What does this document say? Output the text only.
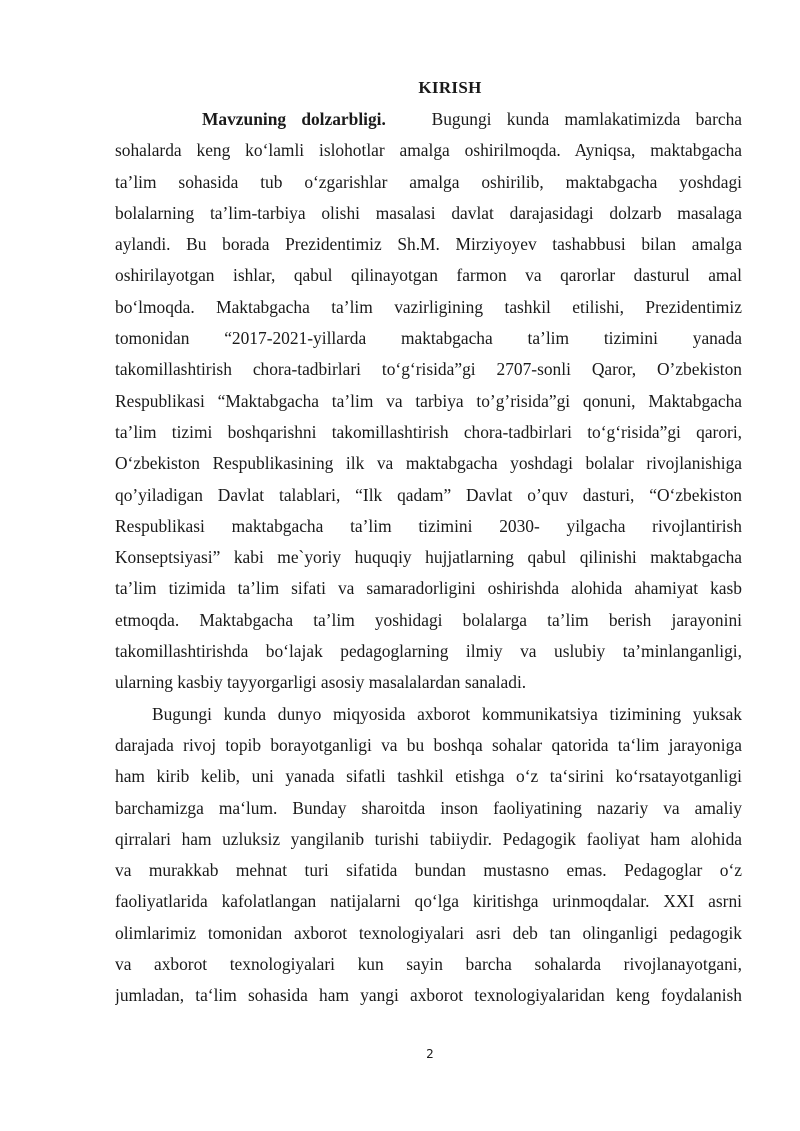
KIRISH
Mavzuning dolzarbligi.	Bugungi kunda mamlakatimizda barcha
sohalarda keng ko‘lamli islohotlar amalga oshirilmoqda. Ayniqsa, maktabgacha
ta’lim sohasida tub o‘zgarishlar amalga oshirilib, maktabgacha yoshdagi
bolalarning ta’lim-tarbiya olishi masalasi davlat darajasidagi dolzarb masalaga
aylandi. Bu borada Prezidentimiz Sh.M. Mirziyoyev tashabbusi bilan amalga
oshirilayotgan ishlar, qabul qilinayotgan farmon va qarorlar dasturul amal
bo‘lmoqda. Maktabgacha ta’lim vazirligining tashkil etilishi, Prezidentimiz
tomonidan “2017-2021-yillarda maktabgacha ta’lim tizimini yanada
takomillashtirish chora-tadbirlari to‘g‘risida”gi 2707-sonli Qaror, O’zbekiston
Respublikasi “Maktabgacha ta’lim va tarbiya to’g’risida”gi qonuni, Maktabgacha
ta’lim tizimi boshqarishni takomillashtirish chora-tadbirlari to‘g‘risida”gi qarori,
O‘zbekiston Respublikasining ilk va maktabgacha yoshdagi bolalar rivojlanishiga
qo’yiladigan Davlat talablari, “Ilk qadam” Davlat o’quv dasturi, “O‘zbekiston
Respublikasi maktabgacha ta’lim tizimini 2030- yilgacha rivojlantirish
Konseptsiyasi” kabi me`yoriy huquqiy hujjatlarning qabul qilinishi maktabgacha
ta’lim tizimida ta’lim sifati va samaradorligini oshirishda alohida ahamiyat kasb
etmoqda. Maktabgacha ta’lim yoshidagi bolalarga ta’lim berish jarayonini
takomillashtirishda bo‘lajak pedagoglarning ilmiy va uslubiy ta’minlanganligi,
ularning kasbiy tayyorgarligi asosiy masalalardan sanaladi.
Bugungi kunda dunyo miqyosida axborot kommunikatsiya tizimining yuksak
darajada rivoj topib borayotganligi va bu boshqa sohalar qatorida ta‘lim jarayoniga
ham kirib kelib, uni yanada sifatli tashkil etishga o‘z ta‘sirini ko‘rsatayotganligi
barchamizga ma‘lum. Bunday sharoitda inson faoliyatining nazariy va amaliy
qirralari ham uzluksiz yangilanib turishi tabiiydir. Pedagogik faoliyat ham alohida
va murakkab mehnat turi sifatida bundan mustasno emas. Pedagoglar o‘z
faoliyatlarida kafolatlangan natijalarni qo‘lga kiritishga urinmoqdalar. XXI asrni
olimlarimiz tomonidan axborot texnologiyalari asri deb tan olinganligi pedagogik
va axborot texnologiyalari kun sayin barcha sohalarda rivojlanayotgani,
jumladan, ta‘lim sohasida ham yangi axborot texnologiyalaridan keng foydalanish
2
